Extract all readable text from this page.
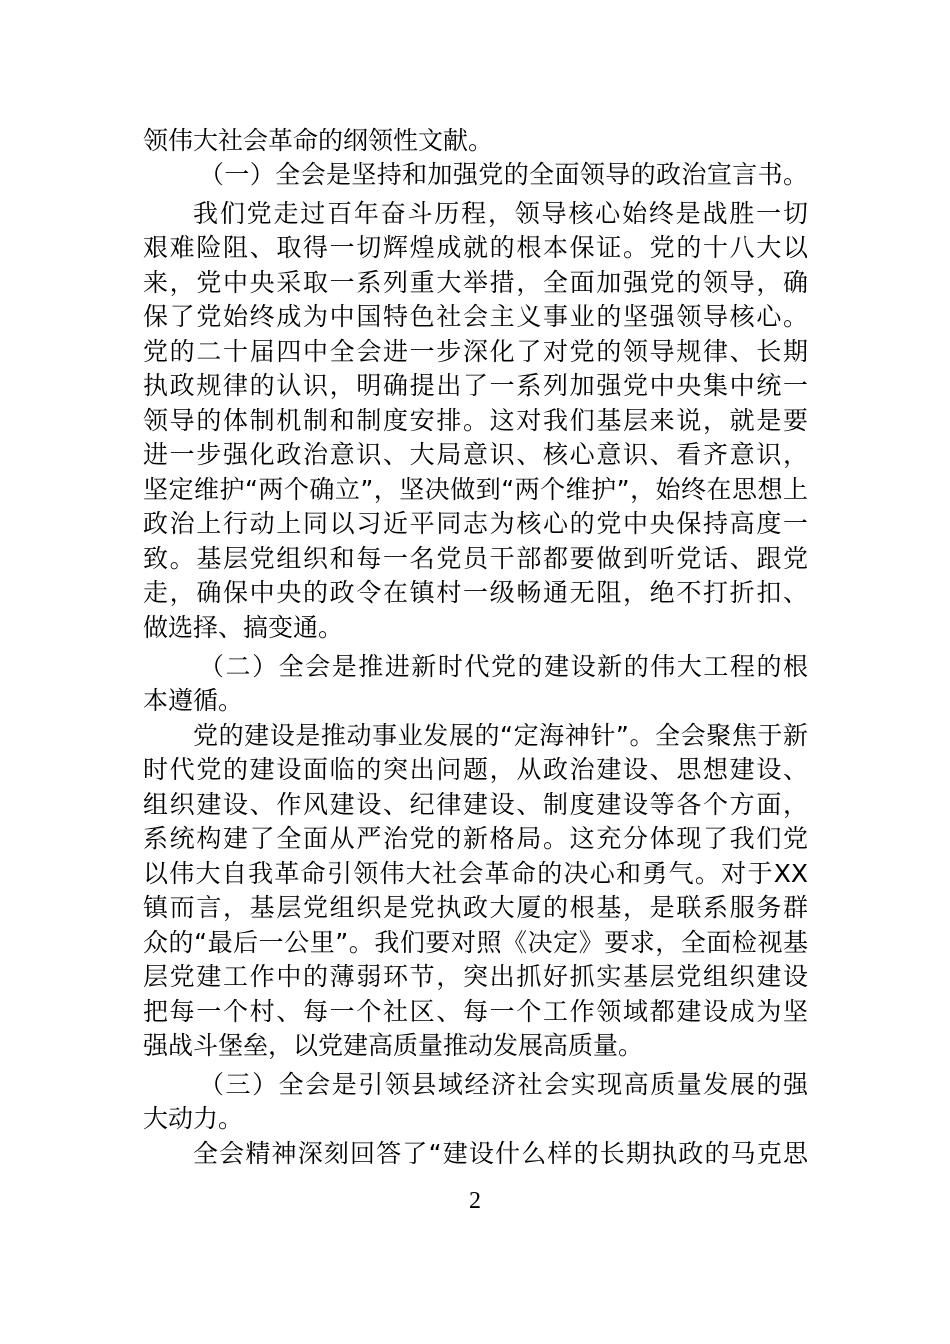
领伟大社会革命的纲领性文献。
（一）全会是坚持和加强党的全面领导的政治宣言书。
我们党走过百年奋斗历程，领导核心始终是战胜一切
艰难险阻、取得一切辉煌成就的根本保证。党的十八大以
来，党中央采取一系列重大举措，全面加强党的领导，确
保了党始终成为中国特色社会主义事业的坚强领导核心。
党的二十届四中全会进一步深化了对党的领导规律、长期
执政规律的认识，明确提出了一系列加强党中央集中统一
领导的体制机制和制度安排。这对我们基层来说，就是要
进一步强化政治意识、大局意识、核心意识、看齐意识，
坚定维护“两个确立”，坚决做到“两个维护”，始终在思想上
政治上行动上同以习近平同志为核心的党中央保持高度一
致。基层党组织和每一名党员干部都要做到听党话、跟党
走，确保中央的政令在镇村一级畅通无阻，绝不打折扣、
做选择、搞变通。
（二）全会是推进新时代党的建设新的伟大工程的根
本遵循。
党的建设是推动事业发展的“定海神针”。全会聚焦于新
时代党的建设面临的突出问题，从政治建设、思想建设、
组织建设、作风建设、纪律建设、制度建设等各个方面，
系统构建了全面从严治党的新格局。这充分体现了我们党
以伟大自我革命引领伟大社会革命的决心和勇气。对于XX
镇而言，基层党组织是党执政大厦的根基，是联系服务群
众的“最后一公里”。我们要对照《决定》要求，全面检视基
层党建工作中的薄弱环节，突出抓好抓实基层党组织建设
把每一个村、每一个社区、每一个工作领域都建设成为坚
强战斗堡垒，以党建高质量推动发展高质量。
（三）全会是引领县域经济社会实现高质量发展的强
大动力。
全会精神深刻回答了“建设什么样的长期执政的马克思
2
